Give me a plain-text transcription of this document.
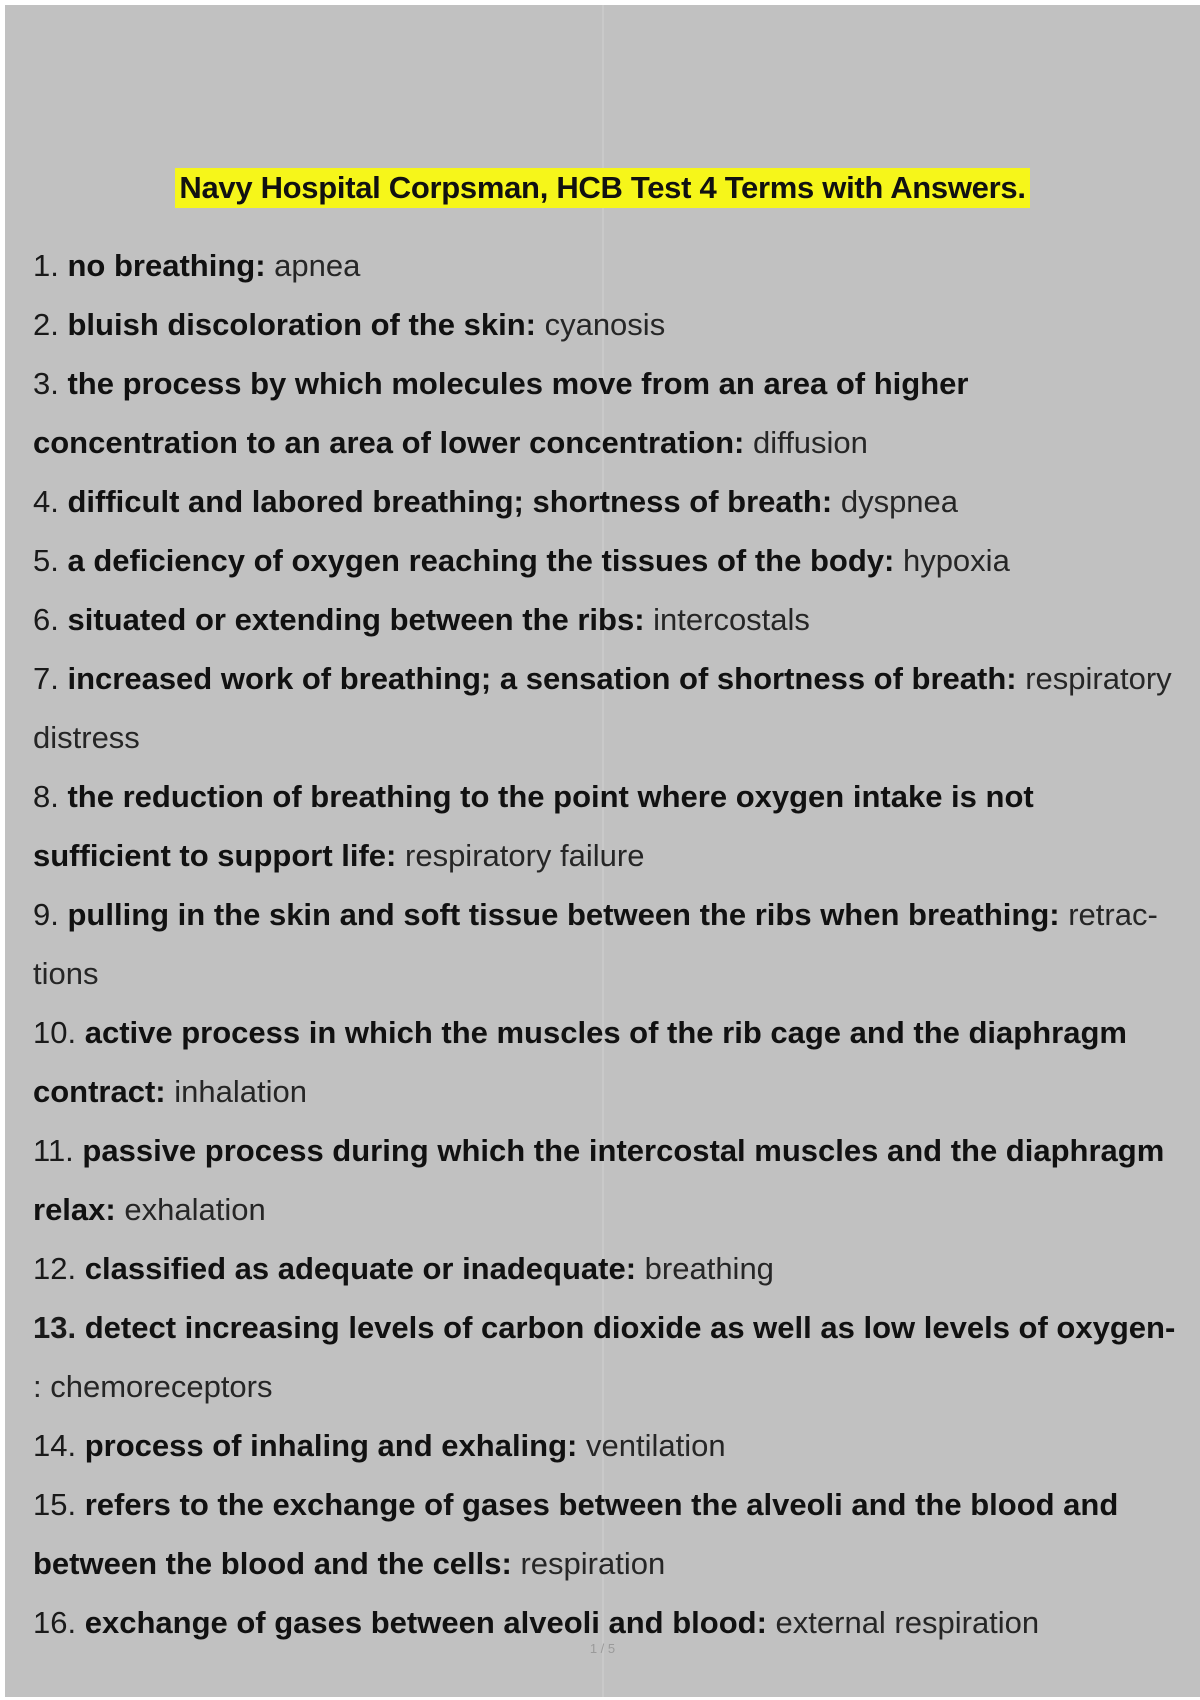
Navy Hospital Corpsman, HCB Test 4 Terms with Answers.
1. no breathing: apnea
2. bluish discoloration of the skin: cyanosis
3. the process by which molecules move from an area of higher concentration to an area of lower concentration: diffusion
4. difficult and labored breathing; shortness of breath: dyspnea
5. a deficiency of oxygen reaching the tissues of the body: hypoxia
6. situated or extending between the ribs: intercostals
7. increased work of breathing; a sensation of shortness of breath: respiratory distress
8. the reduction of breathing to the point where oxygen intake is not sufficient to support life: respiratory failure
9. pulling in the skin and soft tissue between the ribs when breathing: retrac- tions
10. active process in which the muscles of the rib cage and the diaphragm contract: inhalation
11. passive process during which the intercostal muscles and the diaphragm relax: exhalation
12. classified as adequate or inadequate: breathing
13. detect increasing levels of carbon dioxide as well as low levels of oxygen- : chemoreceptors
14. process of inhaling and exhaling: ventilation
15. refers to the exchange of gases between the alveoli and the blood and between the blood and the cells: respiration
16. exchange of gases between alveoli and blood: external respiration
1 / 5
